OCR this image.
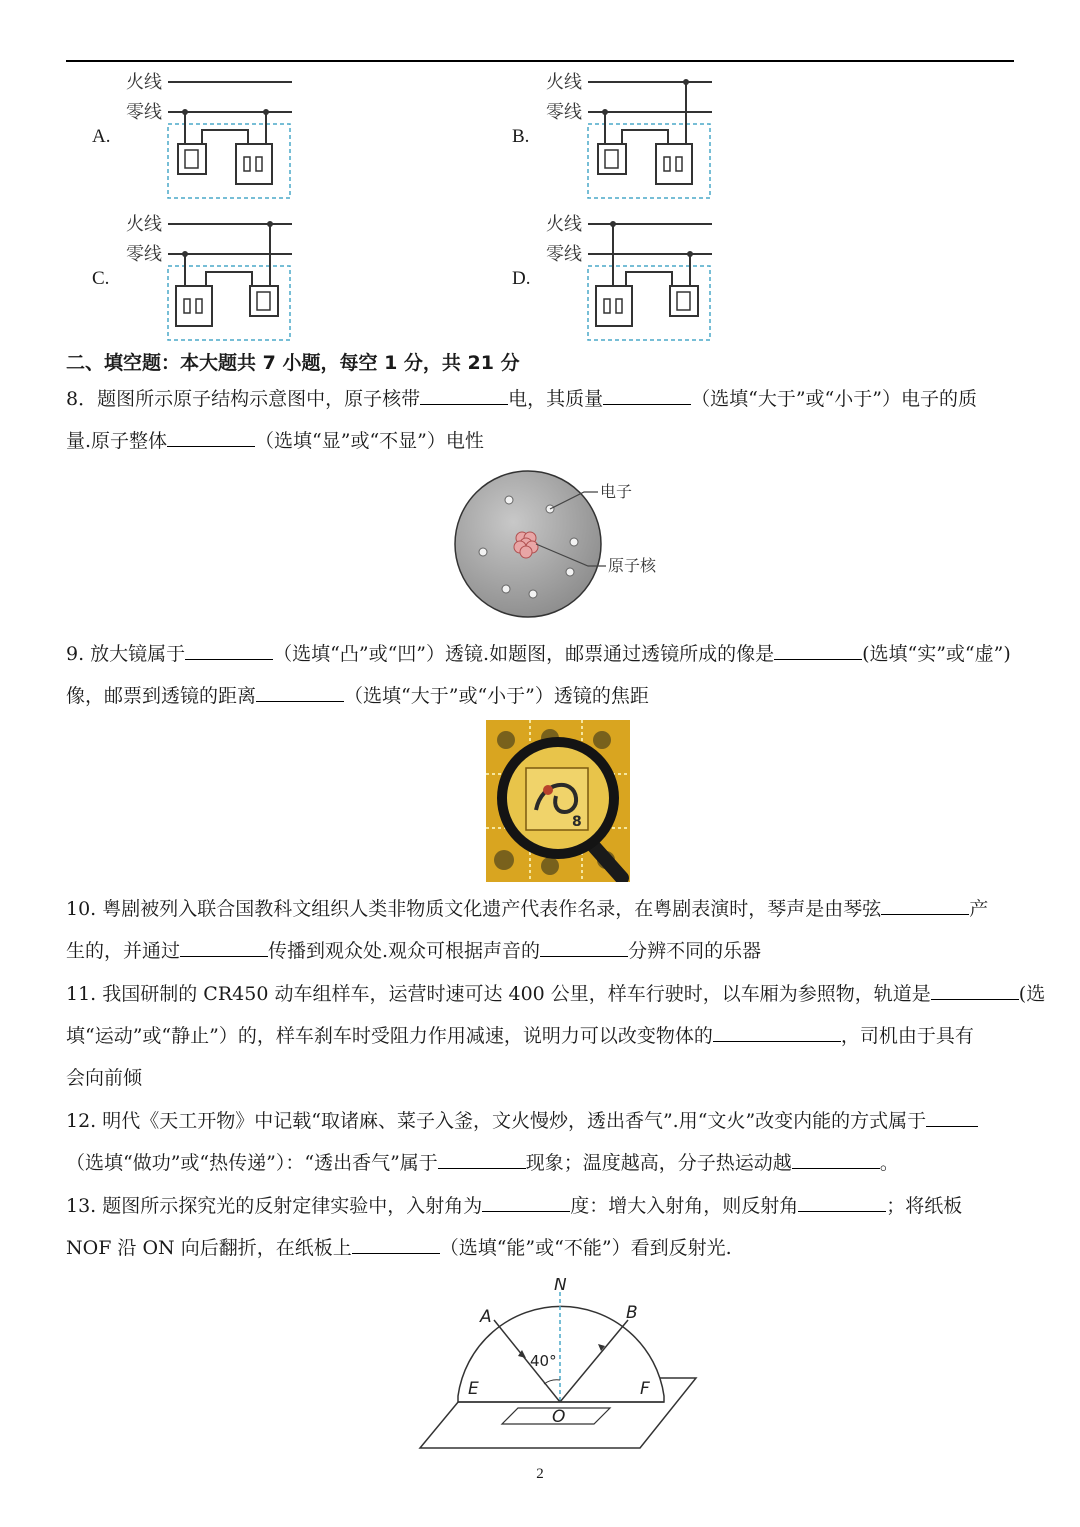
A.	B.
C.	D.
火线
零线
火线
零线
火线
零线
火线
零线
二、填空题：本大题共 7 小题，每空 1 分，共 21 分
8．题图所示原子结构示意图中，原子核带	电，其质量	（选填“大于”或“小于”）电子的质
量.原子整体	（选填“显”或“不显”）电性
电子
原子核
9. 放大镜属于	（选填“凸”或“凹”）透镜.如题图，邮票通过透镜所成的像是	(选填“实”或“虚”)
像，邮票到透镜的距离	（选填“大于”或“小于”）透镜的焦距
8
10. 粤剧被列入联合国教科文组织人类非物质文化遗产代表作名录，在粤剧表演时，琴声是由琴弦	产
生的，并通过	传播到观众处.观众可根据声音的	分辨不同的乐器
11. 我国研制的 CR450 动车组样车，运营时速可达 400 公里，样车行驶时，以车厢为参照物，轨道是	(选
填“运动”或“静止”）的，样车刹车时受阻力作用减速，说明力可以改变物体的	，司机由于具有
会向前倾
12. 明代《天工开物》中记载“取诸麻、菜子入釜，文火慢炒，透出香气”.用“文火”改变内能的方式属于
（选填“做功”或“热传递”）：“透出香气”属于	现象；温度越高，分子热运动越	。
13. 题图所示探究光的反射定律实验中，入射角为	度：增大入射角，则反射角	；将纸板
NOF 沿 ON 向后翻折，在纸板上	（选填“能”或“不能”）看到反射光.
N
A	B
E	F
O
40°
2
